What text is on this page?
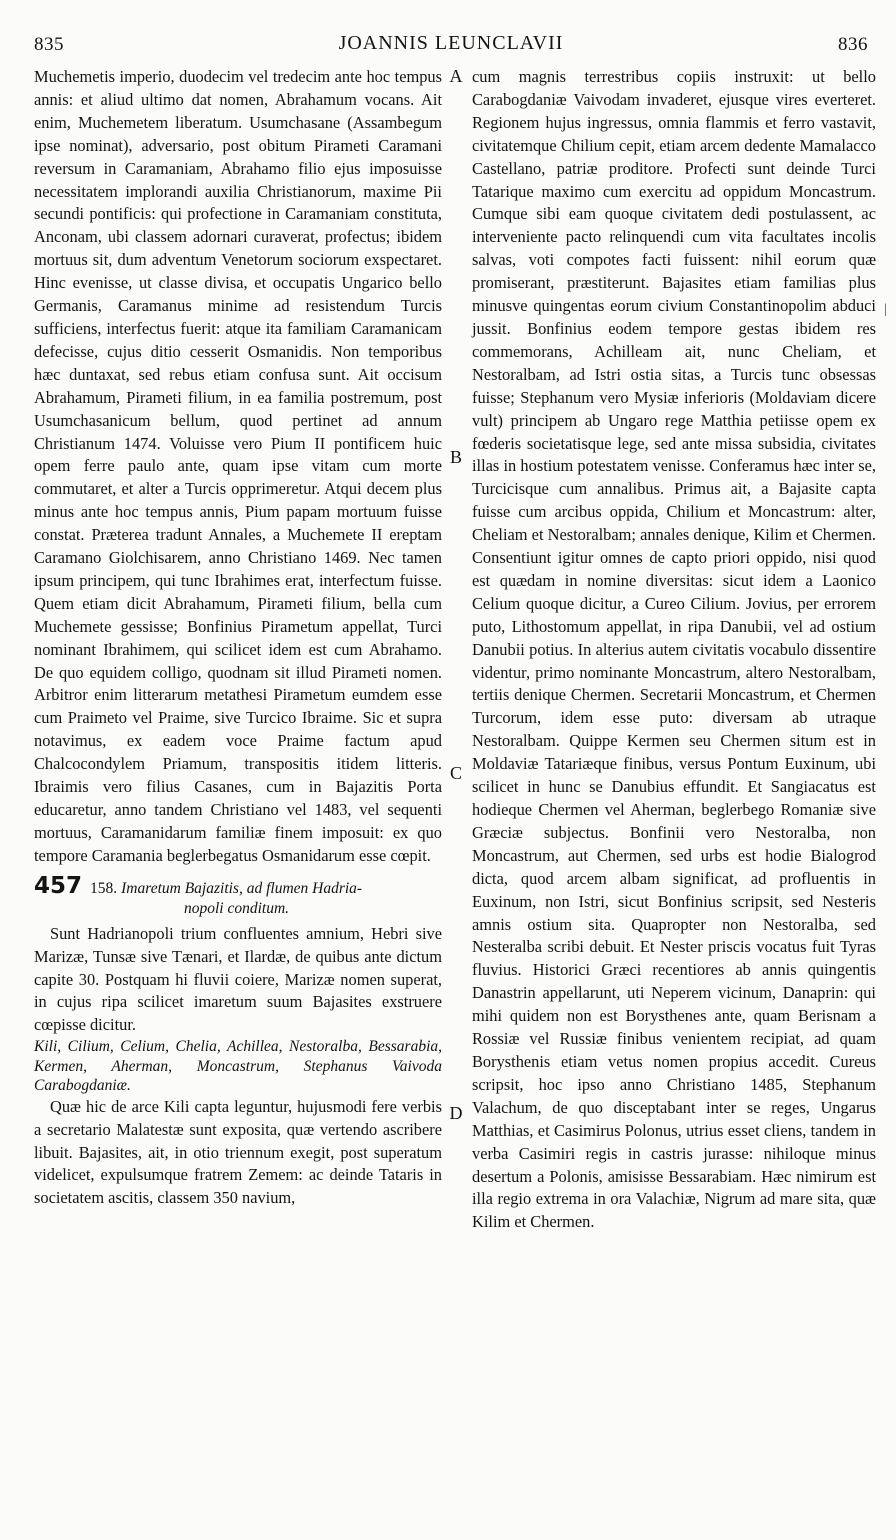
835	JOANNIS LEUNCLAVII	836

Muchemetis imperio, duodecim vel tredecim ante hoc tempus annis: et aliud ultimo dat nomen, Abrahamum vocans. Ait enim, Muchemetem liberatum. Usumchasane (Assambegum ipse nominat), adversario, post obitum Pirameti Caramani reversum in Caramaniam, Abrahamo filio ejus imposuisse necessitatem implorandi auxilia Christianorum, maxime Pii secundi pontificis: qui profectione in Caramaniam constituta, Anconam, ubi classem adornari curaverat, profectus; ibidem mortuus sit, dum adventum Venetorum sociorum exspectaret. Hinc evenisse, ut classe divisa, et occupatis Ungarico bello Germanis, Caramanus minime ad resistendum Turcis sufficiens, interfectus fuerit: atque ita familiam Caramanicam defecisse, cujus ditio cesserit Osmanidis. Non temporibus hæc duntaxat, sed rebus etiam confusa sunt. Ait occisum Abrahamum, Pirameti filium, in ea familia postremum, post Usumchasanicum bellum, quod pertinet ad annum Christianum 1474. Voluisse vero Pium II pontificem huic opem ferre paulo ante, quam ipse vitam cum morte commutaret, et alter a Turcis opprimeretur. Atqui decem plus minus ante hoc tempus annis, Pium papam mortuum fuisse constat. Præterea tradunt Annales, a Muchemete II ereptam Caramano Giolchisarem, anno Christiano 1469. Nec tamen ipsum principem, qui tunc Ibrahimes erat, interfectum fuisse. Quem etiam dicit Abrahamum, Pirameti filium, bella cum Muchemete gessisse; Bonfinius Pirametum appellat, Turci nominant Ibrahimem, qui scilicet idem est cum Abrahamo. De quo equidem colligo, quodnam sit illud Pirameti nomen. Arbitror enim litterarum metathesi Pirametum eumdem esse cum Praimeto vel Praime, sive Turcico Ibraime. Sic et supra notavimus, ex eadem voce Praime factum apud Chalcocondylem Priamum, transpositis itidem litteris. Ibraimis vero filius Casanes, cum in Bajazitis Porta educaretur, anno tandem Christiano vel 1483, vel sequenti mortuus, Caramanidarum familiæ finem imposuit: ex quo tempore Caramania beglerbegatus Osmanidarum esse cœpit.

457 158. Imaretum Bajazitis, ad flumen Hadria-
nopoli conditum.

Sunt Hadrianopoli trium confluentes amnium, Hebri sive Marizæ, Tunsæ sive Tænari, et Ilardæ, de quibus ante dictum capite 30. Postquam hi fluvii coiere, Marizæ nomen superat, in cujus ripa scilicet imaretum suum Bajasites exstruere cœpisse dicitur.

Kili, Cilium, Celium, Chelia, Achillea, Nestoralba, Bessarabia, Kermen, Aherman, Moncastrum, Stephanus Vaivoda Carabogdaniæ.

Quæ hic de arce Kili capta leguntur, hujusmodi fere verbis a secretario Malatestæ sunt exposita, quæ vertendo ascribere libuit. Bajasites, ait, in otio triennum exegit, post superatum videlicet, expulsumque fratrem Zemem: ac deinde Tataris in societatem ascitis, classem 350 navium,

cum magnis terrestribus copiis instruxit: ut bello Carabogdaniæ Vaivodam invaderet, ejusque vires everteret. Regionem hujus ingressus, omnia flammis et ferro vastavit, civitatemque Chilium cepit, etiam arcem dedente Mamalacco Castellano, patriæ proditore. Profecti sunt deinde Turci Tatarique maximo cum exercitu ad oppidum Moncastrum. Cumque sibi eam quoque civitatem dedi postulassent, ac interveniente pacto relinquendi cum vita facultates incolis salvas, voti compotes facti fuissent: nihil eorum quæ promiserant, præstiterunt. Bajasites etiam familias plus minusve quingentas eorum civium Constantinopolim abduci jussit. Bonfinius eodem tempore gestas ibidem res commemorans, Achilleam ait, nunc Cheliam, et Nestoralbam, ad Istri ostia sitas, a Turcis tunc obsessas fuisse; Stephanum vero Mysiæ inferioris (Moldaviam dicere vult) principem ab Ungaro rege Matthia petiisse opem ex fœderis societatisque lege, sed ante missa subsidia, civitates illas in hostium potestatem venisse. Conferamus hæc inter se, Turcicisque cum annalibus. Primus ait, a Bajasite capta fuisse cum arcibus oppida, Chilium et Moncastrum: alter, Cheliam et Nestoralbam; annales denique, Kilim et Chermen. Consentiunt igitur omnes de capto priori oppido, nisi quod est quædam in nomine diversitas: sicut idem a Laonico Celium quoque dicitur, a Cureo Cilium. Jovius, per errorem puto, Lithostomum appellat, in ripa Danubii, vel ad ostium Danubii potius. In alterius autem civitatis vocabulo dissentire videntur, primo nominante Moncastrum, altero Nestoralbam, tertiis denique Chermen. Secretarii Moncastrum, et Chermen Turcorum, idem esse puto: diversam ab utraque Nestoralbam. Quippe Kermen seu Chermen situm est in Moldaviæ Tatariæque finibus, versus Pontum Euxinum, ubi scilicet in hunc se Danubius effundit. Et Sangiacatus est hodieque Chermen vel Aherman, beglerbego Romaniæ sive Græciæ subjectus. Bonfinii vero Nestoralba, non Moncastrum, aut Chermen, sed urbs est hodie Bialogrod dicta, quod arcem albam significat, ad profluentis in Euxinum, non Istri, sicut Bonfinius scripsit, sed Nesteris amnis ostium sita. Quapropter non Nestoralba, sed Nesteralba scribi debuit. Et Nester priscis vocatus fuit Tyras fluvius. Historici Græci recentiores ab annis quingentis Danastrin appellarunt, uti Neperem vicinum, Danaprin: qui mihi quidem non est Borysthenes ante, quam Berisnam a Rossiæ vel Russiæ finibus venientem recipiat, ad quam Borysthenis etiam vetus nomen propius accedit. Cureus scripsit, hoc ipso anno Christiano 1485, Stephanum Valachum, de quo disceptabant inter se reges, Ungarus Matthias, et Casimirus Polonus, utrius esset cliens, tandem in verba Casimiri regis in castris jurasse: nihiloque minus desertum a Polonis, amisisse Bessarabiam. Hæc nimirum est illa regio extrema in ora Valachiæ, Nigrum ad mare sita, quæ Kilim et Chermen.

A
B
C
D
|
